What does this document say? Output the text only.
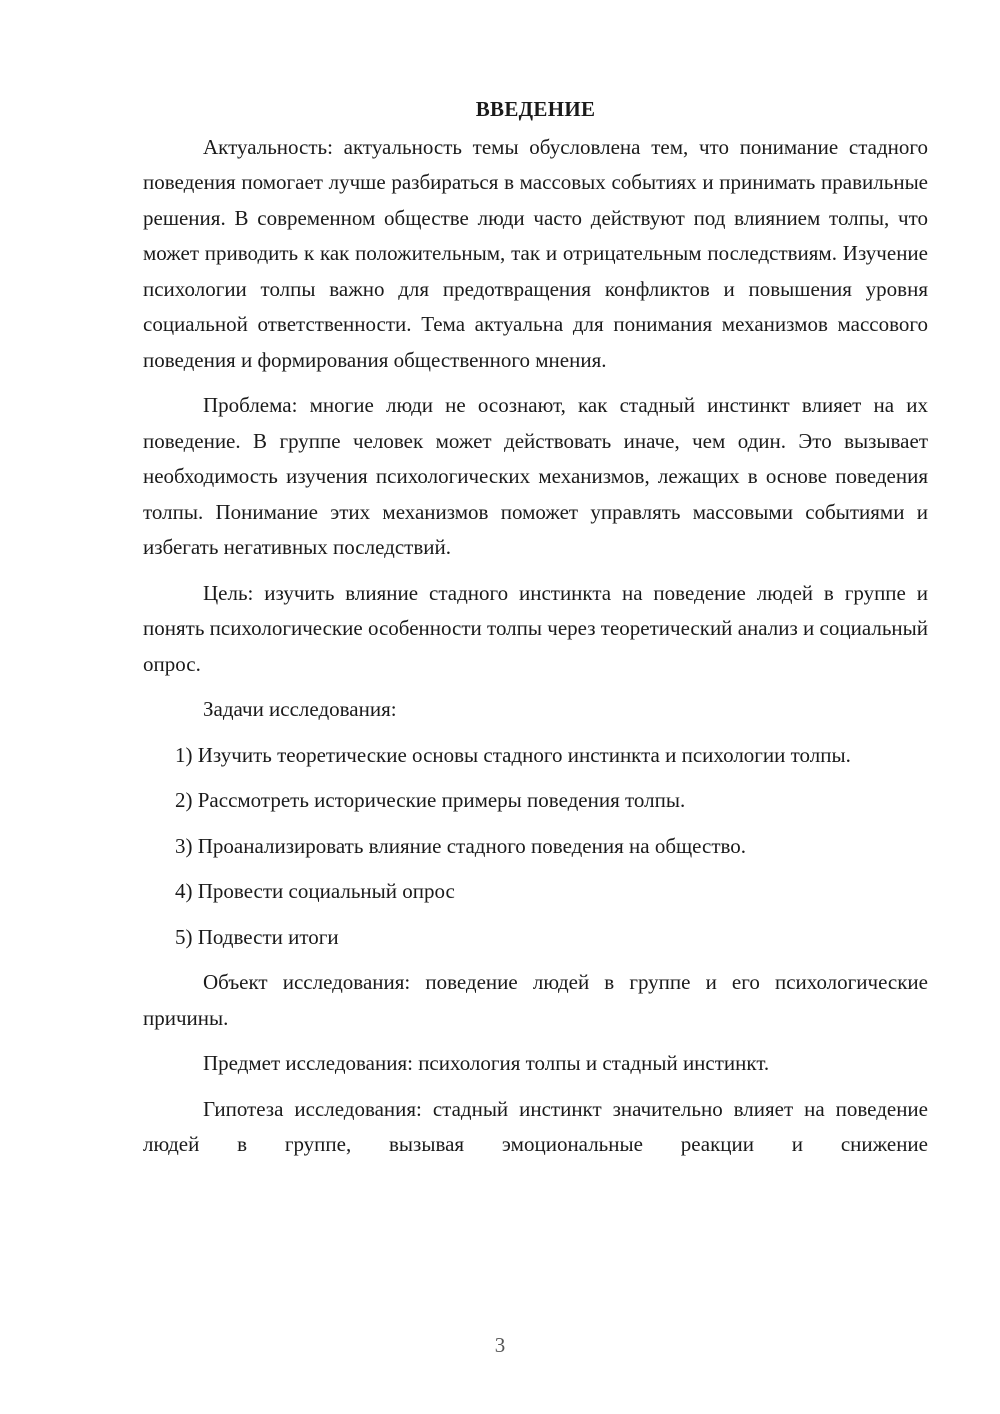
ВВЕДЕНИЕ

Актуальность: актуальность темы обусловлена тем, что понимание стадного поведения помогает лучше разбираться в массовых событиях и принимать правильные решения. В современном обществе люди часто действуют под влиянием толпы, что может приводить к как положительным, так и отрицательным последствиям. Изучение психологии толпы важно для предотвращения конфликтов и повышения уровня социальной ответственности. Тема актуальна для понимания механизмов массового поведения и формирования общественного мнения.

Проблема: многие люди не осознают, как стадный инстинкт влияет на их поведение. В группе человек может действовать иначе, чем один. Это вызывает необходимость изучения психологических механизмов, лежащих в основе поведения толпы. Понимание этих механизмов поможет управлять массовыми событиями и избегать негативных последствий.

Цель: изучить влияние стадного инстинкта на поведение людей в группе и понять психологические особенности толпы через теоретический анализ и социальный опрос.

Задачи исследования:

1) Изучить теоретические основы стадного инстинкта и психологии толпы.

2) Рассмотреть исторические примеры поведения толпы.

3) Проанализировать влияние стадного поведения на общество.

4) Провести социальный опрос

5) Подвести итоги

Объект исследования: поведение людей в группе и его психологические причины.

Предмет исследования: психология толпы и стадный инстинкт.

Гипотеза исследования: стадный инстинкт значительно влияет на поведение людей в группе, вызывая эмоциональные реакции и снижение

3
